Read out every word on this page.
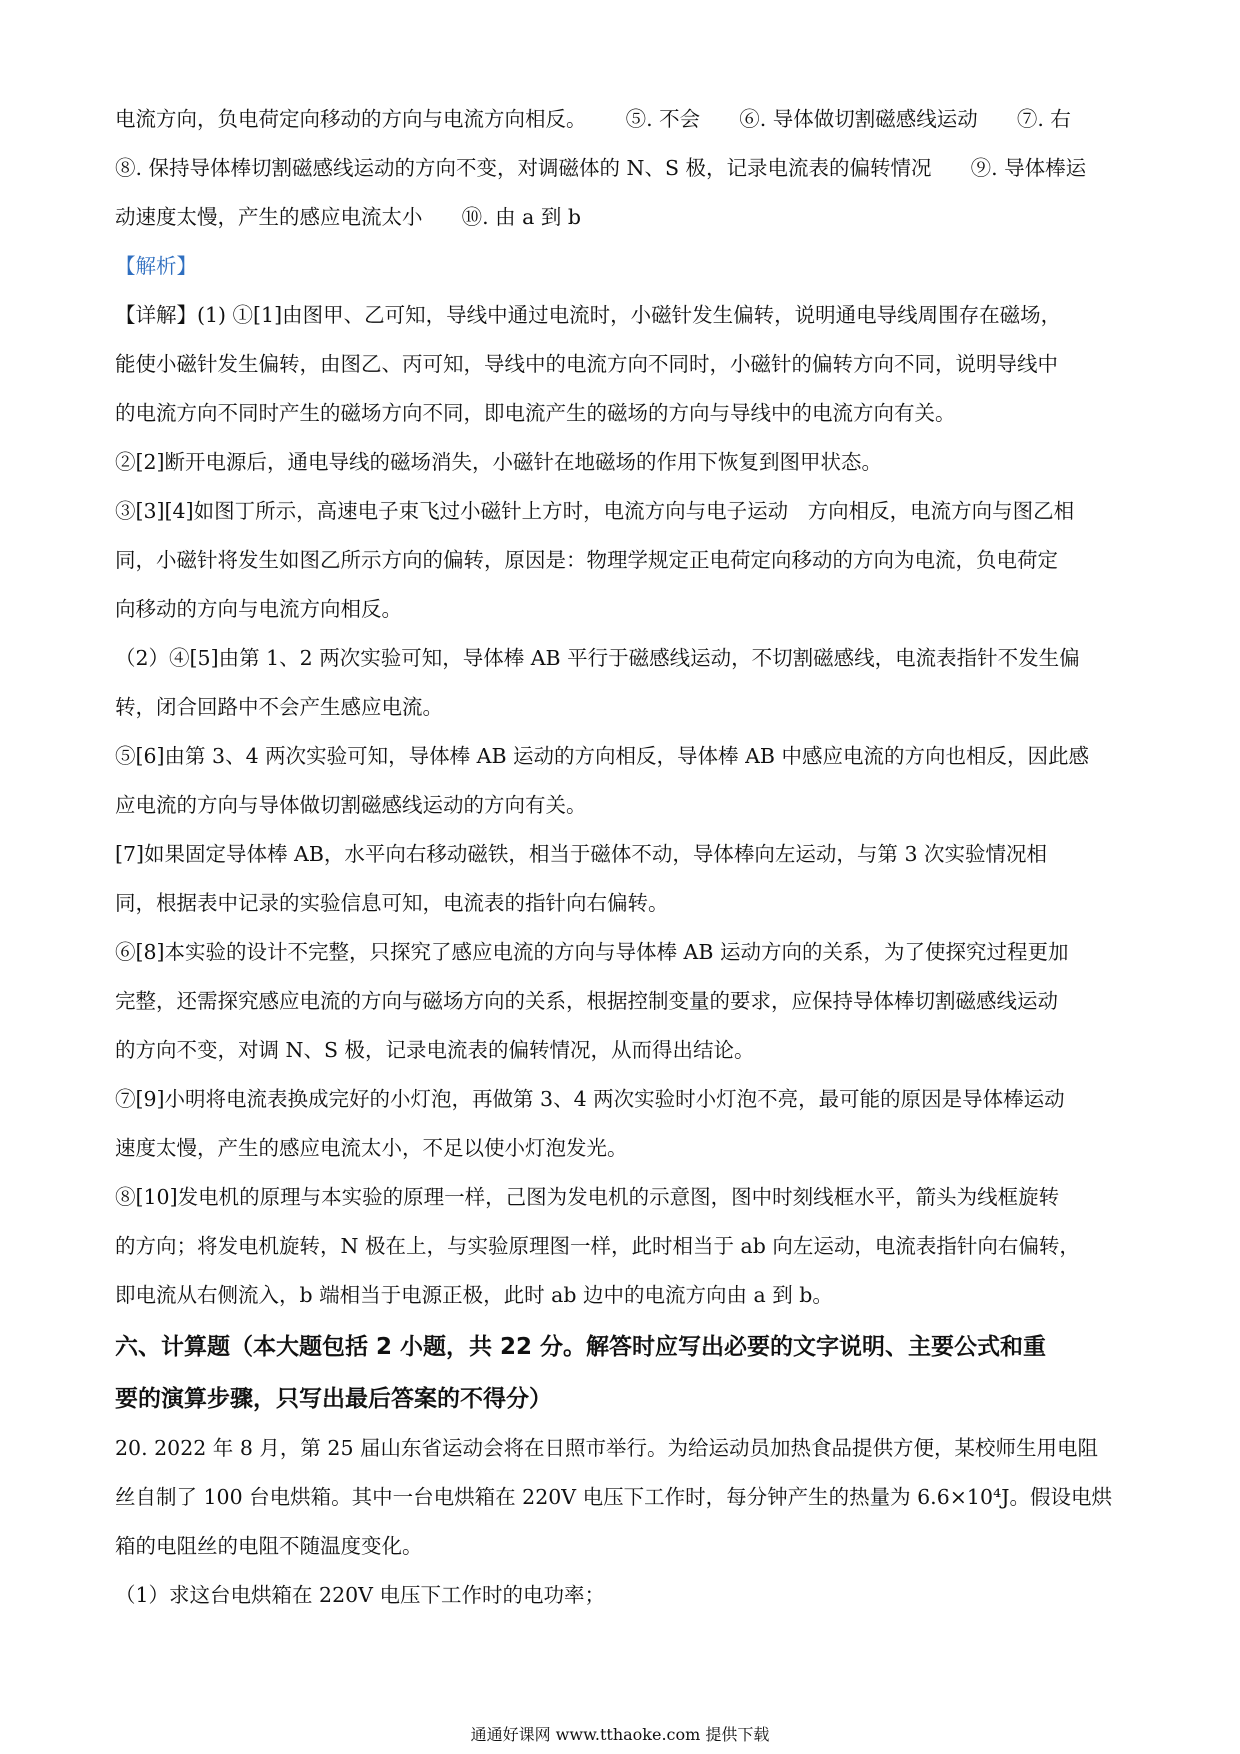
电流方向，负电荷定向移动的方向与电流方向相反。      ⑤. 不会      ⑥. 导体做切割磁感线运动      ⑦. 右

⑧. 保持导体棒切割磁感线运动的方向不变，对调磁体的 N、S 极，记录电流表的偏转情况      ⑨. 导体棒运

动速度太慢，产生的感应电流太小      ⑩. 由 a 到 b

【解析】

【详解】(1) ①[1]由图甲、乙可知，导线中通过电流时，小磁针发生偏转，说明通电导线周围存在磁场，

能使小磁针发生偏转，由图乙、丙可知，导线中的电流方向不同时，小磁针的偏转方向不同，说明导线中

的电流方向不同时产生的磁场方向不同，即电流产生的磁场的方向与导线中的电流方向有关。

②[2]断开电源后，通电导线的磁场消失，小磁针在地磁场的作用下恢复到图甲状态。

③[3][4]如图丁所示，高速电子束飞过小磁针上方时，电流方向与电子运动   方向相反，电流方向与图乙相

同，小磁针将发生如图乙所示方向的偏转，原因是：物理学规定正电荷定向移动的方向为电流，负电荷定

向移动的方向与电流方向相反。

（2）④[5]由第 1、2 两次实验可知，导体棒 AB 平行于磁感线运动，不切割磁感线，电流表指针不发生偏

转，闭合回路中不会产生感应电流。

⑤[6]由第 3、4 两次实验可知，导体棒 AB 运动的方向相反，导体棒 AB 中感应电流的方向也相反，因此感

应电流的方向与导体做切割磁感线运动的方向有关。

[7]如果固定导体棒 AB，水平向右移动磁铁，相当于磁体不动，导体棒向左运动，与第 3 次实验情况相

同，根据表中记录的实验信息可知，电流表的指针向右偏转。

⑥[8]本实验的设计不完整，只探究了感应电流的方向与导体棒 AB 运动方向的关系，为了使探究过程更加

完整，还需探究感应电流的方向与磁场方向的关系，根据控制变量的要求，应保持导体棒切割磁感线运动

的方向不变，对调 N、S 极，记录电流表的偏转情况，从而得出结论。

⑦[9]小明将电流表换成完好的小灯泡，再做第 3、4 两次实验时小灯泡不亮，最可能的原因是导体棒运动

速度太慢，产生的感应电流太小，不足以使小灯泡发光。

⑧[10]发电机的原理与本实验的原理一样，己图为发电机的示意图，图中时刻线框水平，箭头为线框旋转

的方向；将发电机旋转，N 极在上，与实验原理图一样，此时相当于 ab 向左运动，电流表指针向右偏转，

即电流从右侧流入，b 端相当于电源正极，此时 ab 边中的电流方向由 a 到 b。

六、计算题（本大题包括 2 小题，共 22 分。解答时应写出必要的文字说明、主要公式和重

要的演算步骤，只写出最后答案的不得分）

20. 2022 年 8 月，第 25 届山东省运动会将在日照市举行。为给运动员加热食品提供方便，某校师生用电阻

丝自制了 100 台电烘箱。其中一台电烘箱在 220V 电压下工作时，每分钟产生的热量为 6.6×10⁴J。假设电烘

箱的电阻丝的电阻不随温度变化。

（1）求这台电烘箱在 220V 电压下工作时的电功率；

通通好课网 www.tthaoke.com 提供下载
